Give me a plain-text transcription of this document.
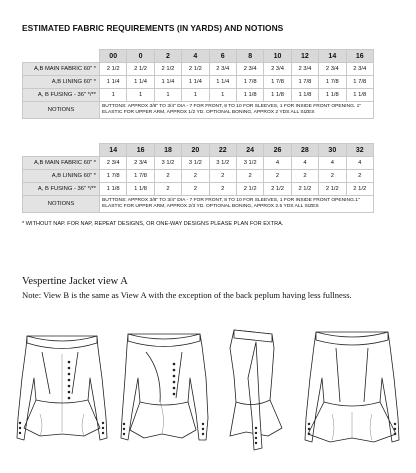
ESTIMATED FABRIC REQUIREMENTS (IN YARDS) AND NOTIONS
	00	0	2	4	6	8	10	12	14	16
A,B MAIN FABRIC 60" *	2 1/2	2 1/2	2 1/2	2 1/2	2 3/4	2 3/4	2 3/4	2 3/4	2 3/4	2 3/4
A,B LINING 60" *	1 1/4	1 1/4	1 1/4	1 1/4	1 1/4	1 7/8	1 7/8	1 7/8	1 7/8	1 7/8
A, B FUSING - 36" */**	1	1	1	1	1	1 1/8	1 1/8	1 1/8	1 1/8	1 1/8
NOTIONS	BUTTONS: APPROX 3/8" TO 3/4" DIA - 7 FOR FRONT, 8 TO 10 FOR SLEEVES, 1 FOR INSIDE FRONT OPENING. 1" ELASTIC FOR UPPER ARM, APPROX 1/2 YD. OPTIONAL BONING, APPROX 2 YDS ALL SIZES									
	14	16	18	20	22	24	26	28	30	32
A,B MAIN FABRIC 60" *	2 3/4	2 3/4	3 1/2	3 1/2	3 1/2	3 1/2	4	4	4	4
A,B LINING 60" *	1 7/8	1 7/8	2	2	2	2	2	2	2	2
A, B FUSING - 36" */**	1 1/8	1 1/8	2	2	2	2 1/2	2 1/2	2 1/2	2 1/2	2 1/2
NOTIONS	BUTTONS: APPROX 3/8" TO 3/4" DIA - 7 FOR FRONT, 8 TO 10 FOR SLEEVES, 1 FOR INSIDE FRONT OPENING.1" ELASTIC FOR UPPER ARM, APPROX 2/3 YD. OPTIONAL BONING, APPROX 2.5 YDS ALL SIZES									
* WITHOUT NAP. FOR NAP, REPEAT DESIGNS, OR ONE-WAY DESIGNS PLEASE PLAN FOR EXTRA.
Vespertine Jacket view A
Note: View B is the same as View A with the exception of the back peplum having less fullness.
